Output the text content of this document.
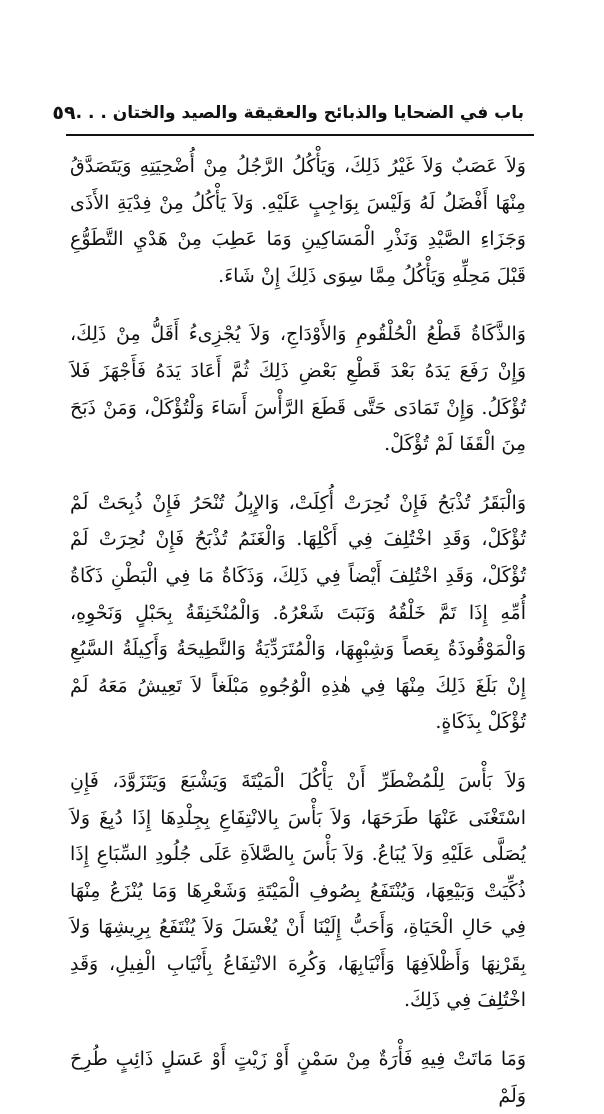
باب في الضحايا والذبائح والعقيقة والصيد والختان . . .
٥٩

وَلاَ عَصَبٌ وَلاَ غَيْرُ ذَلِكَ، وَيَأْكُلُ الرَّجُلُ مِنْ أُضْحِيَتِهِ وَيَتَصَدَّقُ مِنْهَا أَفْضَلُ لَهُ وَلَيْسَ بِوَاجِبٍ عَلَيْهِ. وَلاَ يَأْكُلُ مِنْ فِدْيَةِ الأَذَى وَجَزَاءِ الصَّيْدِ وَنَذْرِ الْمَسَاكِينِ وَمَا عَطِبَ مِنْ هَدْيِ التَّطَوُّعِ قَبْلَ مَحِلِّهِ وَيَأْكُلُ مِمَّا سِوَى ذَلِكَ إِنْ شَاءَ.

وَالذَّكَاةُ قَطْعُ الْحُلْقُومِ وَالأَوْدَاجِ، وَلاَ يُجْزِىءُ أَقَلُّ مِنْ ذَلِكَ، وَإِنْ رَفَعَ يَدَهُ بَعْدَ قَطْعِ بَعْضِ ذَلِكَ ثُمَّ أَعَادَ يَدَهُ فَأَجْهَزَ فَلاَ تُؤْكَلُ. وَإِنْ تَمَادَى حَتَّى قَطَعَ الرَّأْسَ أَسَاءَ وَلْتُؤْكَلْ، وَمَنْ ذَبَحَ مِنَ الْقَفَا لَمْ تُؤْكَلْ.

وَالْبَقَرُ تُذْبَحُ فَإِنْ نُحِرَتْ أُكِلَتْ، وَالإِبِلُ تُنْحَرُ فَإِنْ ذُبِحَتْ لَمْ تُؤْكَلْ، وَقَدِ اخْتُلِفَ فِي أَكْلِهَا. وَالْغَنَمُ تُذْبَحُ فَإِنْ نُحِرَتْ لَمْ تُؤْكَلْ، وَقَدِ اخْتُلِفَ أَيْضاً فِي ذَلِكَ، وَذَكَاةُ مَا فِي الْبَطْنِ ذَكَاةُ أُمِّهِ إِذَا تَمَّ خَلْقُهُ وَنَبَتَ شَعْرُهُ. وَالْمُنْخَنِقَةُ بِحَبْلٍ وَنَحْوِهِ، وَالْمَوْقُوذَةُ بِعَصاً وَشِبْهِهَا، وَالْمُتَرَدِّيَةُ وَالنَّطِيحَةُ وَأَكِيلَةُ السَّبُعِ إِنْ بَلَغَ ذَلِكَ مِنْهَا فِي هٰذِهِ الْوُجُوهِ مَبْلَغاً لاَ تَعِيشُ مَعَهُ لَمْ تُؤْكَلْ بِذَكَاةٍ.

وَلاَ بَأْسَ لِلْمُضْطَرِّ أَنْ يَأْكُلَ الْمَيْتَةَ وَيَشْبَعَ وَيَتَزَوَّدَ، فَإِنِ اسْتَغْنَى عَنْهَا طَرَحَهَا، وَلاَ بَأْسَ بِالانْتِفَاعِ بِجِلْدِهَا إِذَا دُبِغَ وَلاَ يُصَلَّى عَلَيْهِ وَلاَ يُبَاعُ. وَلاَ بَأْسَ بِالصَّلاَةِ عَلَى جُلُودِ السِّبَاعِ إِذَا ذُكِّيَتْ وَبَيْعِهَا، وَيُنْتَفَعُ بِصُوفِ الْمَيْتَةِ وَشَعْرِهَا وَمَا يُنْزَعُ مِنْهَا فِي حَالِ الْحَيَاةِ، وَأَحَبُّ إِلَيْنَا أَنْ يُغْسَلَ وَلاَ يُنْتَفَعُ بِرِيشِهَا وَلاَ بِقَرْنِهَا وَأَظْلاَفِهَا وَأَنْيَابِهَا، وَكُرِهَ الانْتِفَاعُ بِأَنْيَابِ الْفِيلِ، وَقَدِ اخْتُلِفَ فِي ذَلِكَ.

وَمَا مَاتَتْ فِيهِ فَأْرَةٌ مِنْ سَمْنٍ أَوْ زَيْتٍ أَوْ عَسَلٍ ذَائِبٍ طُرِحَ وَلَمْ
